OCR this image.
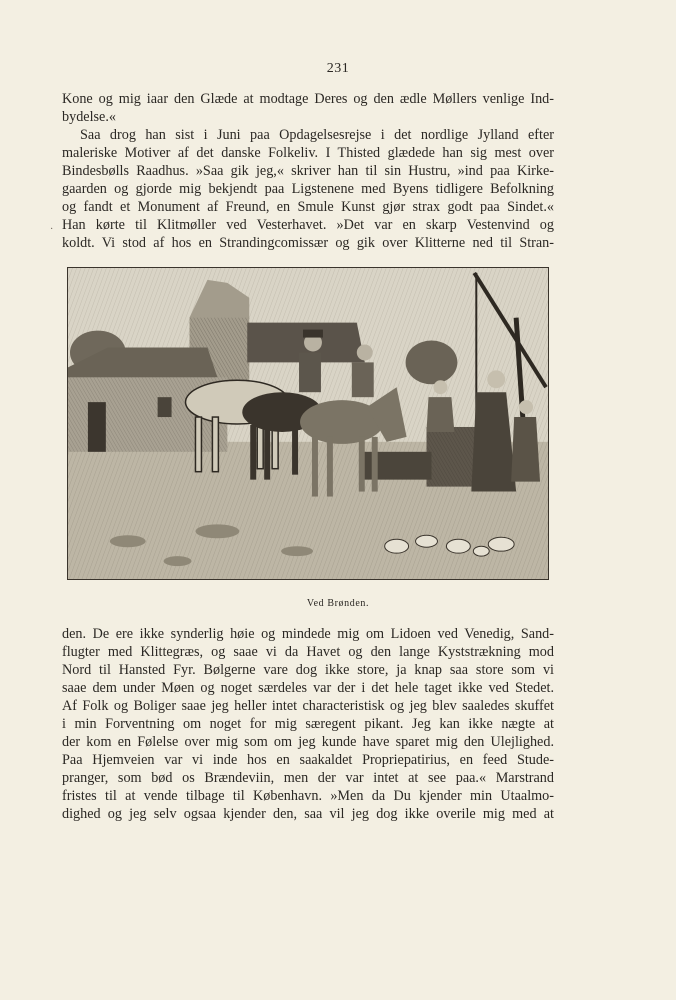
231

Kone og mig iaar den Glæde at modtage Deres og den ædle Møllers venlige Ind-

bydelse.«

Saa drog han sist i Juni paa Opdagelsesrejse i det nordlige Jylland efter

maleriske Motiver af det danske Folkeliv. I Thisted glædede han sig mest over

Bindesbølls Raadhus. »Saa gik jeg,« skriver han til sin Hustru, »ind paa Kirke-

gaarden og gjorde mig bekjendt paa Ligstenene med Byens tidligere Befolkning

og fandt et Monument af Freund, en Smule Kunst gjør strax godt paa Sindet.«

Han kørte til Klitmøller ved Vesterhavet. »Det var en skarp Vestenvind og

koldt. Vi stod af hos en Strandingcomissær og gik over Klitterne ned til Stran-

·
Ved Brønden.

den. De ere ikke synderlig høie og mindede mig om Lidoen ved Venedig, Sand-

flugter med Klittegræs, og saae vi da Havet og den lange Kyststrækning mod

Nord til Hansted Fyr. Bølgerne vare dog ikke store, ja knap saa store som vi

saae dem under Møen og noget særdeles var der i det hele taget ikke ved Stedet.

Af Folk og Boliger saae jeg heller intet characteristisk og jeg blev saaledes skuffet

i min Forventning om noget for mig særegent pikant. Jeg kan ikke nægte at

der kom en Følelse over mig som om jeg kunde have sparet mig den Ulejlighed.

Paa Hjemveien var vi inde hos en saakaldet Propriepatirius, en feed Stude-

pranger, som bød os Brændeviin, men der var intet at see paa.« Marstrand

fristes til at vende tilbage til København. »Men da Du kjender min Utaalmo-

dighed og jeg selv ogsaa kjender den, saa vil jeg dog ikke overile mig med at
